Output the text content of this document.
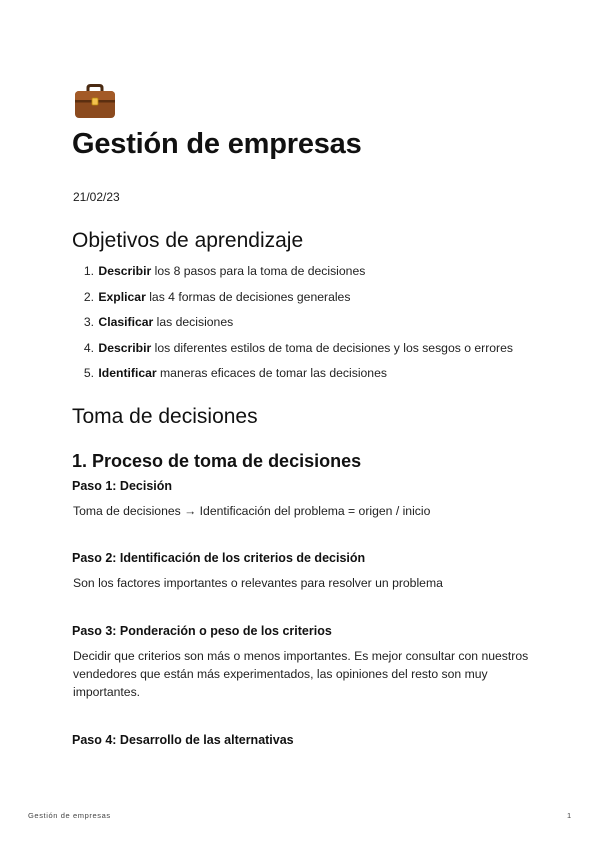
Gestión de empresas
21/02/23
Objetivos de aprendizaje
1. Describir los 8 pasos para la toma de decisiones
2. Explicar las 4 formas de decisiones generales
3. Clasificar las decisiones
4. Describir los diferentes estilos de toma de decisiones y los sesgos o errores
5. Identificar maneras eficaces de tomar las decisiones
Toma de decisiones
1. Proceso de toma de decisiones
Paso 1: Decisión

Toma de decisiones → Identificación del problema = origen / inicio

Paso 2: Identificación de los criterios de decisión

Son los factores importantes o relevantes para resolver un problema

Paso 3: Ponderación o peso de los criterios

Decidir que criterios son más o menos importantes. Es mejor consultar con nuestros vendedores que están más experimentados, las opiniones del resto son muy importantes.

Paso 4: Desarrollo de las alternativas
Gestión de empresas	1
